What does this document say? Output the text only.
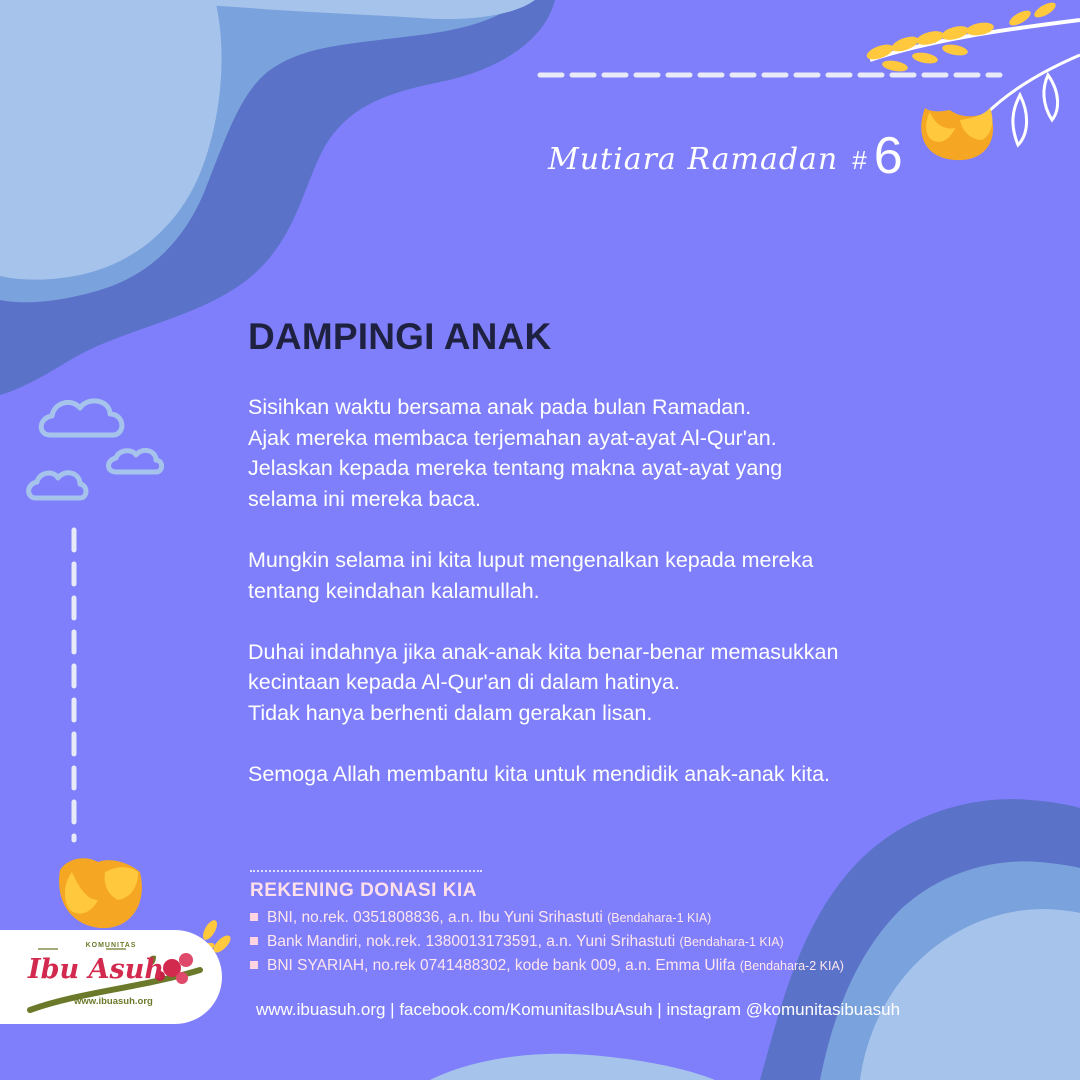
Mutiara Ramadan # 6
DAMPINGI ANAK

Sisihkan waktu bersama anak pada bulan Ramadan.
Ajak mereka membaca terjemahan ayat-ayat Al-Qur'an.
Jelaskan kepada mereka tentang makna ayat-ayat yang
selama ini mereka baca.

Mungkin selama ini kita luput mengenalkan kepada mereka
tentang keindahan kalamullah.

Duhai indahnya jika anak-anak kita benar-benar memasukkan
kecintaan kepada Al-Qur'an di dalam hatinya.
Tidak hanya berhenti dalam gerakan lisan.

Semoga Allah membantu kita untuk mendidik anak-anak kita.

REKENING DONASI KIA
BNI, no.rek. 0351808836, a.n. Ibu Yuni Srihastuti (Bendahara-1 KIA)
Bank Mandiri, nok.rek. 1380013173591, a.n. Yuni Srihastuti (Bendahara-1 KIA)
BNI SYARIAH, no.rek 0741488302, kode bank 009, a.n. Emma Ulifa (Bendahara-2 KIA)
www.ibuasuh.org | facebook.com/KomunitasIbuAsuh | instagram @komunitasibuasuh
KOMUNITAS
Ibu Asuh
www.ibuasuh.org
